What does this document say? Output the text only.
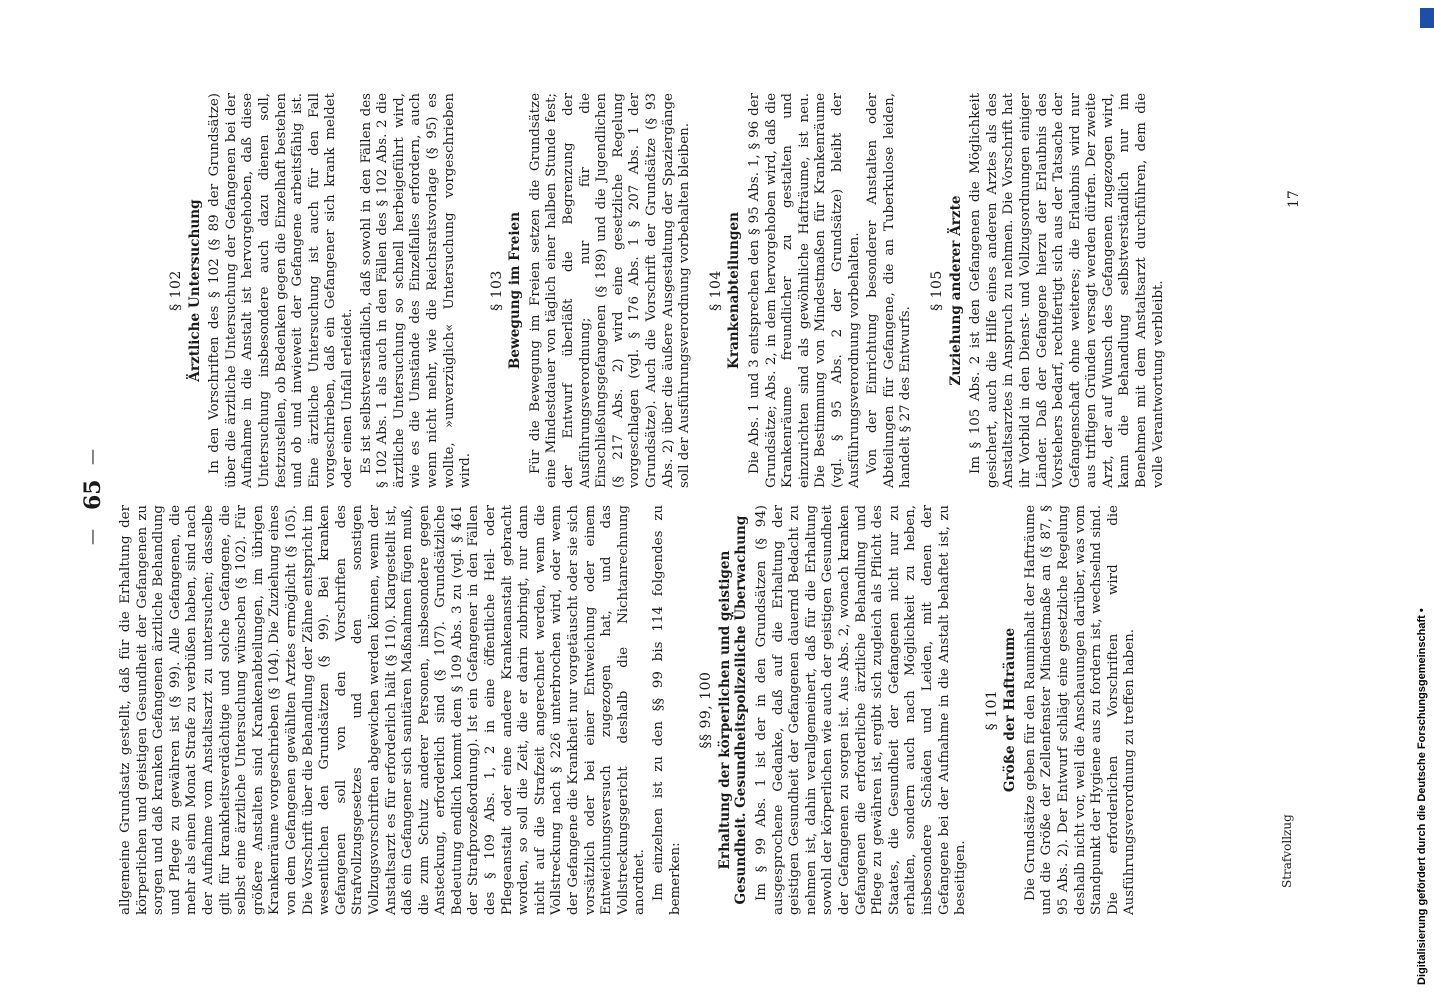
allgemeine Grundsatz gestellt, daß für die Erhaltung der körperlichen und geistigen Gesundheit der Gefangenen zu sorgen und daß kranken Gefangenen ärztliche Behandlung und Pflege zu gewähren ist (§ 99). Alle Gefangenen, die mehr als einen Monat Strafe zu verbüßen haben, sind nach der Aufnahme vom Anstaltsarzt zu untersuchen; dasselbe gilt für krankheitsverdächtige und solche Gefangene, die selbst eine ärztliche Untersuchung wünschen (§ 102). Für größere Anstalten sind Krankenabteilungen, im übrigen Krankenräume vorgeschrieben (§ 104). Die Zuziehung eines von dem Gefangenen gewählten Arztes ermöglicht (§ 105). Die Vorschrift über die Behandlung der Zähne entspricht im wesentlichen den Grundsätzen (§ 99). Bei kranken Gefangenen soll von den Vorschriften des Strafvollzugsgesetzes und den sonstigen Vollzugsvorschriften abgewichen werden können, wenn der Anstaltsarzt es für erforderlich hält (§ 110). Klargestellt ist, daß ein Gefangener sich sanitären Maßnahmen fügen muß, die zum Schutz anderer Personen, insbesondere gegen Ansteckung, erforderlich sind (§ 107). Grundsätzliche Bedeutung endlich kommt dem § 109 Abs. 3 zu (vgl. § 461 der Strafprozeßordnung). Ist ein Gefangener in den Fällen des § 109 Abs. 1, 2 in eine öffentliche Heil- oder Pflegeanstalt oder eine andere Krankenanstalt gebracht worden, so soll die Zeit, die er darin zubringt, nur dann nicht auf die Strafzeit angerechnet werden, wenn die Vollstreckung nach § 226 unterbrochen wird, oder wenn der Gefangene die Krankheit nur vorgetäuscht oder sie sich vorsätzlich oder bei einer Entweichung oder einem Entweichungsversuch zugezogen hat, und das Vollstreckungsgericht deshalb die Nichtanrechnung anordnet. Im einzelnen ist zu den §§ 99 bis 114 folgendes zu bemerken:

§§ 99, 100 Erhaltung der körperlichen und geistigen Gesundheit. Gesundheitspolizeiliche Überwachung Im § 99 Abs. 1 ist der in den Grundsätzen (§ 94) ausgesprochene Gedanke, daß auf die Erhaltung der geistigen Gesundheit der Gefangenen dauernd Bedacht zu nehmen ist, dahin verallgemeinert, daß für die Erhaltung sowohl der körperlichen wie auch der geistigen Gesundheit der Gefangenen zu sorgen ist. Aus Abs. 2, wonach kranken Gefangenen die erforderliche ärztliche Behandlung und Pflege zu gewähren ist, ergibt sich zugleich als Pflicht des Staates, die Gesundheit der Gefangenen nicht nur zu erhalten, sondern auch nach Möglichkeit zu heben, insbesondere Schäden und Leiden, mit denen der Gefangene bei der Aufnahme in die Anstalt behaftet ist, zu beseitigen.

§ 101 Größe der Hafträume Die Grundsätze geben für den Rauminhalt der Hafträume und die Größe der Zellenfenster Mindestmaße an (§ 87, § 95 Abs. 2). Der Entwurf schlägt eine gesetzliche Regelung deshalb nicht vor, weil die Anschauungen darüber, was vom Standpunkt der Hygiene aus zu fordern ist, wechselnd sind. Die erforderlichen Vorschriften wird die Ausführungsverordnung zu treffen haben.

§ 102 Ärztliche Untersuchung In den Vorschriften des § 102 (§ 89 der Grundsätze) über die ärztliche Untersuchung der Gefangenen bei der Aufnahme in die Anstalt ist hervorgehoben, daß diese Untersuchung insbesondere auch dazu dienen soll, festzustellen, ob Bedenken gegen die Einzelhaft bestehen und ob und inwieweit der Gefangene arbeitsfähig ist. Eine ärztliche Untersuchung ist auch für den Fall vorgeschrieben, daß ein Gefangener sich krank meldet oder einen Unfall erleidet. Es ist selbstverständlich, daß sowohl in den Fällen des § 102 Abs. 1 als auch in den Fällen des § 102 Abs. 2 die ärztliche Untersuchung so schnell herbeigeführt wird, wie es die Umstände des Einzelfalles erfordern, auch wenn nicht mehr, wie die Reichsratsvorlage (§ 95) es wollte, »unverzüglich« Untersuchung vorgeschrieben wird.

§ 103 Bewegung im Freien Für die Bewegung im Freien setzen die Grundsätze eine Mindestdauer von täglich einer halben Stunde fest; der Entwurf überläßt die Begrenzung der Ausführungsverordnung; nur für die Einschließungsgefangenen (§ 189) und die Jugendlichen (§ 217 Abs. 2) wird eine gesetzliche Regelung vorgeschlagen (vgl. § 176 Abs. 1 § 207 Abs. 1 der Grundsätze). Auch die Vorschrift der Grundsätze (§ 93 Abs. 2) über die äußere Ausgestaltung der Spaziergänge soll der Ausführungsverordnung vorbehalten bleiben. § 104 Krankenabteilungen Die Abs. 1 und 3 entsprechen den § 95 Abs. 1, § 96 der Grundsätze; Abs. 2, in dem hervorgehoben wird, daß die Krankenräume freundlicher zu gestalten und einzurichten sind als gewöhnliche Hafträume, ist neu. Die Bestimmung von Mindestmaßen für Krankenräume (vgl. § 95 Abs. 2 der Grundsätze) bleibt der Ausführungsverordnung vorbehalten. Von der Einrichtung besonderer Anstalten oder Abteilungen für Gefangene, die an Tuberkulose leiden, handelt § 27 des Entwurfs.

§ 105 Zuziehung anderer Ärzte Im § 105 Abs. 2 ist den Gefangenen die Möglichkeit gesichert, auch die Hilfe eines anderen Arztes als des Anstaltsarztes in Anspruch zu nehmen. Die Vorschrift hat ihr Vorbild in den Dienst- und Vollzugsordnungen einiger Länder. Daß der Gefangene hierzu der Erlaubnis des Vorstehers bedarf, rechtfertigt sich aus der Tatsache der Gefangenschaft ohne weiteres; die Erlaubnis wird nur aus triftigen Gründen versagt werden dürfen. Der zweite Arzt, der auf Wunsch des Gefangenen zugezogen wird, kann die Behandlung selbstverständlich nur im Benehmen mit dem Anstaltsarzt durchführen, dem die volle Verantwortung verbleibt.

—
65
—
Strafvollzug
17
Digitalisierung gefördert durch die Deutsche Forschungsgemeinschaft •
